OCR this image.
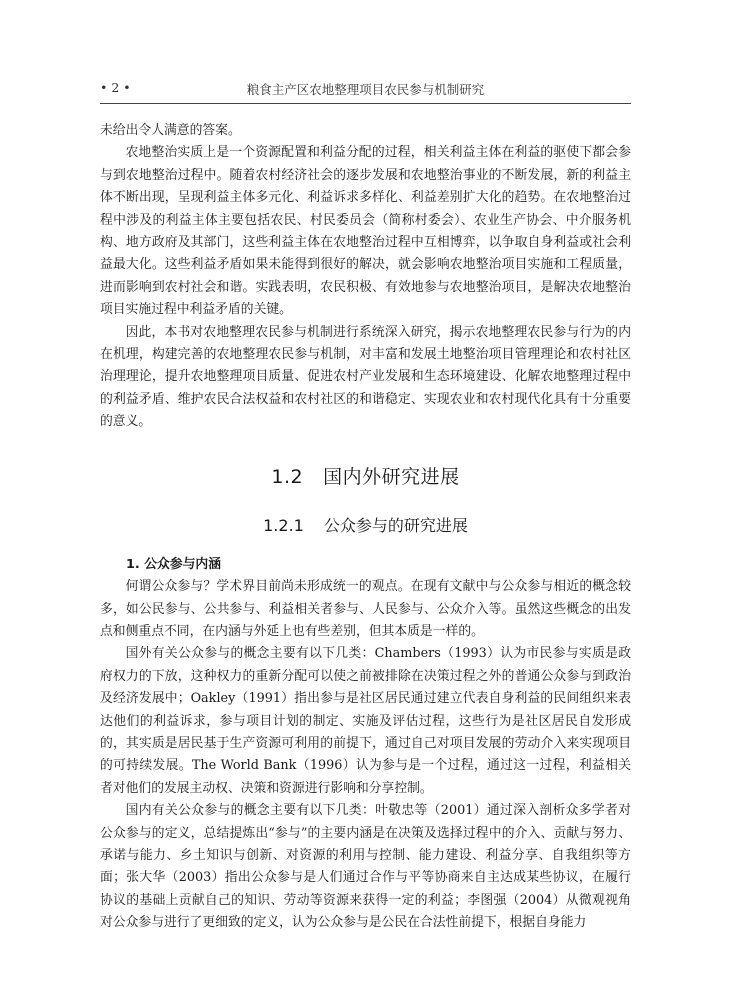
• 2 •	粮食主产区农地整理项目农民参与机制研究

未给出令人满意的答案。

农地整治实质上是一个资源配置和利益分配的过程，相关利益主体在利益的驱使下都会参与到农地整治过程中。随着农村经济社会的逐步发展和农地整治事业的不断发展，新的利益主体不断出现，呈现利益主体多元化、利益诉求多样化、利益差别扩大化的趋势。在农地整治过程中涉及的利益主体主要包括农民、村民委员会（简称村委会）、农业生产协会、中介服务机构、地方政府及其部门，这些利益主体在农地整治过程中互相博弈，以争取自身利益或社会利益最大化。这些利益矛盾如果未能得到很好的解决，就会影响农地整治项目实施和工程质量，进而影响到农村社会和谐。实践表明，农民积极、有效地参与农地整治项目，是解决农地整治项目实施过程中利益矛盾的关键。

因此，本书对农地整理农民参与机制进行系统深入研究，揭示农地整理农民参与行为的内在机理，构建完善的农地整理农民参与机制，对丰富和发展土地整治项目管理理论和农村社区治理理论，提升农地整理项目质量、促进农村产业发展和生态环境建设、化解农地整理过程中的利益矛盾、维护农民合法权益和农村社区的和谐稳定、实现农业和农村现代化具有十分重要的意义。

1.2 国内外研究进展
1.2.1 公众参与的研究进展
1. 公众参与内涵

何谓公众参与？学术界目前尚未形成统一的观点。在现有文献中与公众参与相近的概念较多，如公民参与、公共参与、利益相关者参与、人民参与、公众介入等。虽然这些概念的出发点和侧重点不同，在内涵与外延上也有些差别，但其本质是一样的。

国外有关公众参与的概念主要有以下几类：Chambers（1993）认为市民参与实质是政府权力的下放，这种权力的重新分配可以使之前被排除在决策过程之外的普通公众参与到政治及经济发展中；Oakley（1991）指出参与是社区居民通过建立代表自身利益的民间组织来表达他们的利益诉求，参与项目计划的制定、实施及评估过程，这些行为是社区居民自发形成的，其实质是居民基于生产资源可利用的前提下，通过自己对项目发展的劳动介入来实现项目的可持续发展。The World Bank（1996）认为参与是一个过程，通过这一过程，利益相关者对他们的发展主动权、决策和资源进行影响和分享控制。

国内有关公众参与的概念主要有以下几类：叶敬忠等（2001）通过深入剖析众多学者对公众参与的定义，总结提炼出“参与”的主要内涵是在决策及选择过程中的介入、贡献与努力、承诺与能力、乡土知识与创新、对资源的利用与控制、能力建设、利益分享、自我组织等方面；张大华（2003）指出公众参与是人们通过合作与平等协商来自主达成某些协议，在履行协议的基础上贡献自己的知识、劳动等资源来获得一定的利益；李图强（2004）从微观视角对公众参与进行了更细致的定义，认为公众参与是公民在合法性前提下，根据自身能力
